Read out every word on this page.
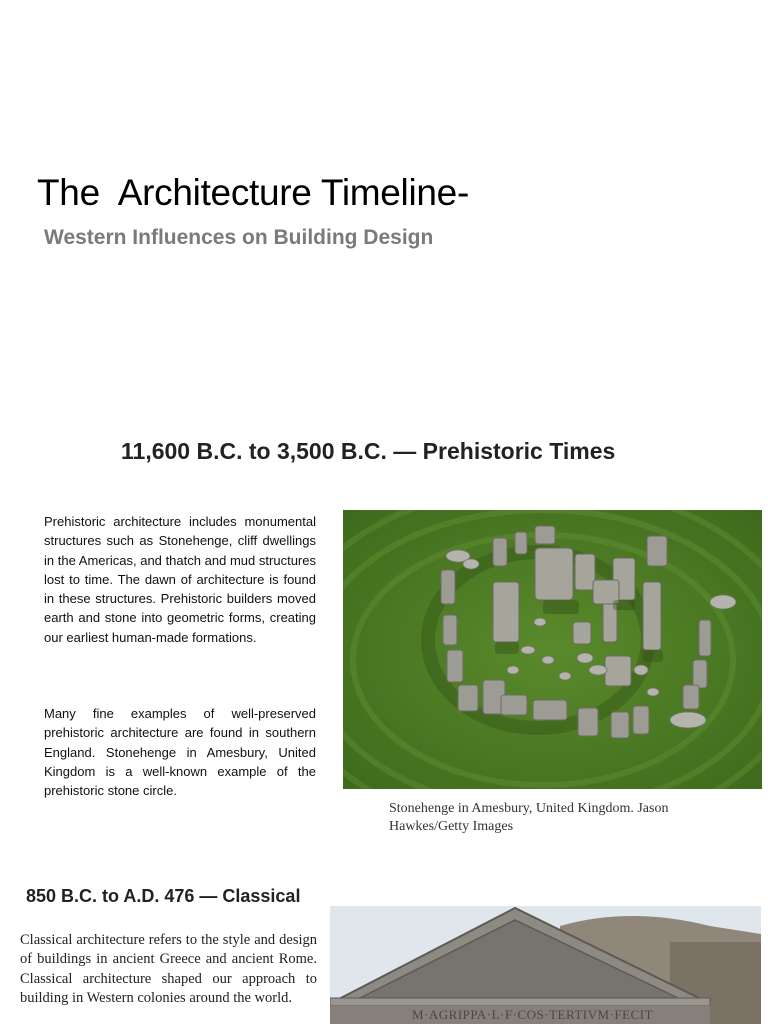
The  Architecture Timeline-
Western Influences on Building Design
11,600 B.C. to 3,500 B.C. — Prehistoric Times

Prehistoric architecture includes monumental structures such as Stonehenge, cliff dwellings in the Americas, and thatch and mud structures lost to time. The dawn of architecture is found in these structures. Prehistoric builders moved earth and stone into geometric forms, creating our earliest human-made formations.

Many fine examples of well-preserved prehistoric architecture are found in southern England. Stonehenge in Amesbury, United Kingdom is a well-known example of the prehistoric stone circle.

Stonehenge in Amesbury, United Kingdom. Jason Hawkes/Getty Images
850 B.C. to A.D. 476 — Classical

Classical architecture refers to the style and design of buildings in ancient Greece and ancient Rome. Classical architecture shaped our approach to building in Western colonies around the world.

M·AGRIPPA·L·F·COS·TERTIVM·FECIT
